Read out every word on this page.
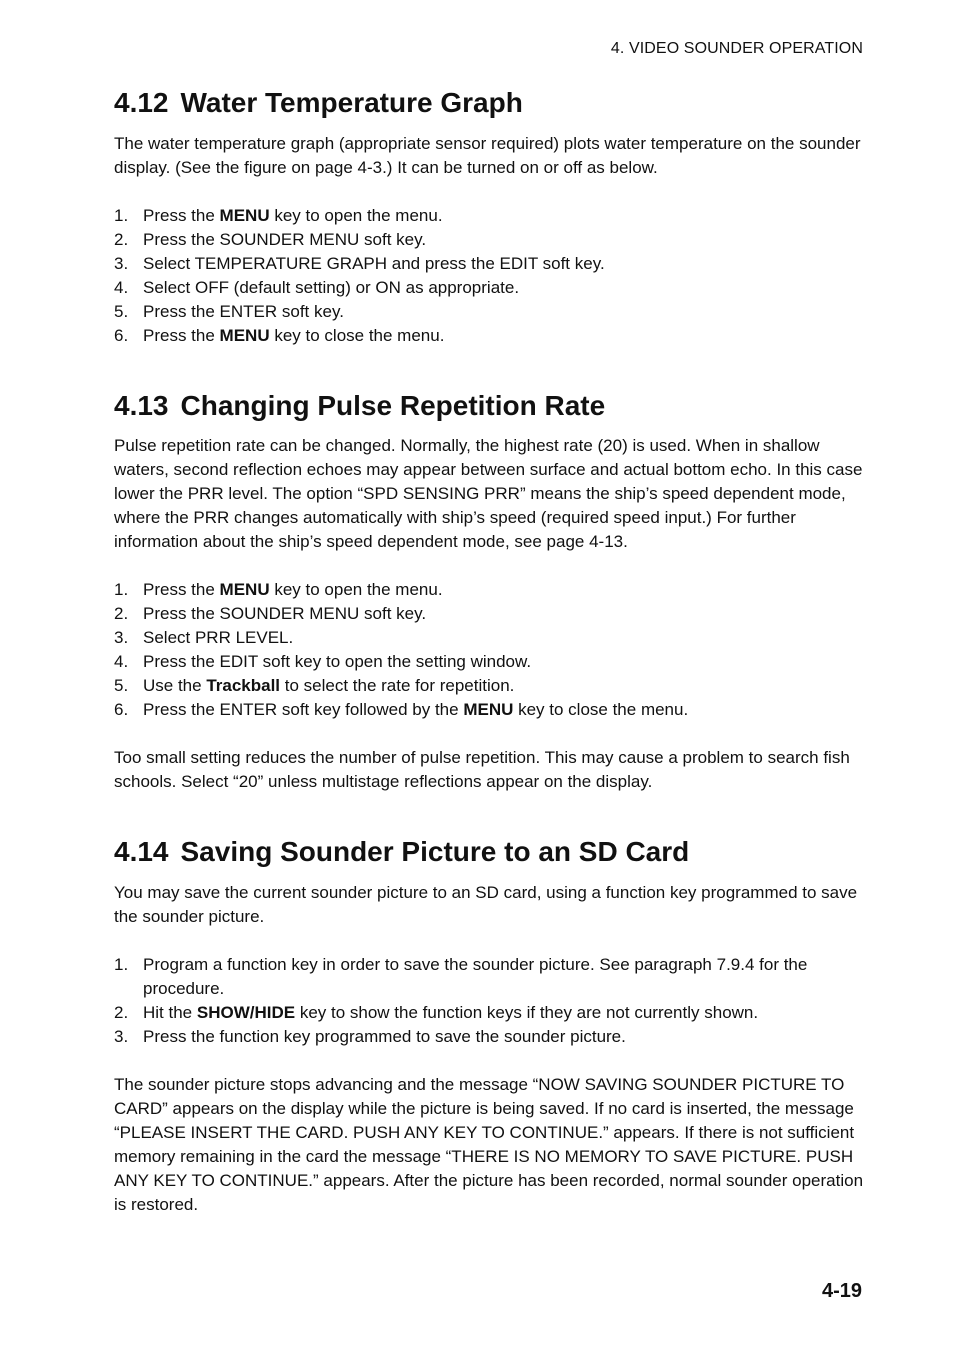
4. VIDEO SOUNDER OPERATION
4.12 Water Temperature Graph

The water temperature graph (appropriate sensor required) plots water temperature on the sounder display. (See the figure on page 4-3.) It can be turned on or off as below.

1. Press the MENU key to open the menu.
2. Press the SOUNDER MENU soft key.
3. Select TEMPERATURE GRAPH and press the EDIT soft key.
4. Select OFF (default setting) or ON as appropriate.
5. Press the ENTER soft key.
6. Press the MENU key to close the menu.
4.13 Changing Pulse Repetition Rate

Pulse repetition rate can be changed. Normally, the highest rate (20) is used. When in shallow waters, second reflection echoes may appear between surface and actual bottom echo. In this case lower the PRR level. The option “SPD SENSING PRR” means the ship’s speed dependent mode, where the PRR changes automatically with ship’s speed (required speed input.) For further information about the ship’s speed dependent mode, see page 4-13.

1. Press the MENU key to open the menu.
2. Press the SOUNDER MENU soft key.
3. Select PRR LEVEL.
4. Press the EDIT soft key to open the setting window.
5. Use the Trackball to select the rate for repetition.
6. Press the ENTER soft key followed by the MENU key to close the menu.

Too small setting reduces the number of pulse repetition. This may cause a problem to search fish schools. Select “20” unless multistage reflections appear on the display.

4.14 Saving Sounder Picture to an SD Card

You may save the current sounder picture to an SD card, using a function key programmed to save the sounder picture.

1. Program a function key in order to save the sounder picture. See paragraph 7.9.4 for the procedure.
2. Hit the SHOW/HIDE key to show the function keys if they are not currently shown.
3. Press the function key programmed to save the sounder picture.

The sounder picture stops advancing and the message “NOW SAVING SOUNDER PICTURE TO CARD” appears on the display while the picture is being saved. If no card is inserted, the message “PLEASE INSERT THE CARD. PUSH ANY KEY TO CONTINUE.” appears. If there is not sufficient memory remaining in the card the message “THERE IS NO MEMORY TO SAVE PICTURE. PUSH ANY KEY TO CONTINUE.” appears. After the picture has been recorded, normal sounder operation is restored.

4-19
